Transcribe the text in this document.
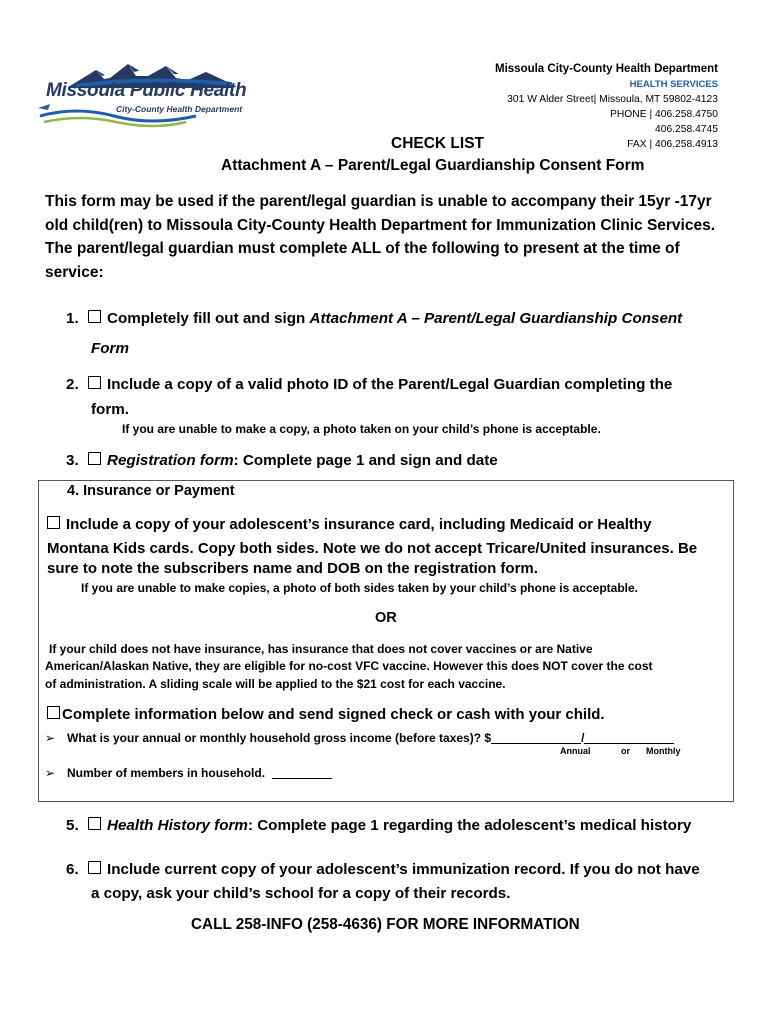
Missoula Public Health
City-County Health Department
Missoula City-County Health Department
HEALTH SERVICES
301 W Alder Street| Missoula, MT 59802-4123
PHONE | 406.258.4750
406.258.4745
FAX | 406.258.4913
CHECK LIST
Attachment A – Parent/Legal Guardianship Consent Form
This form may be used if the parent/legal guardian is unable to accompany their 15yr -17yr old child(ren) to Missoula City-County Health Department for Immunization Clinic Services. The parent/legal guardian must complete ALL of the following to present at the time of service:
1. Completely fill out and sign Attachment A – Parent/Legal Guardianship Consent
Form
2. Include a copy of a valid photo ID of the Parent/Legal Guardian completing the
form.
If you are unable to make a copy, a photo taken on your child’s phone is acceptable.
3. Registration form: Complete page 1 and sign and date
4. Insurance or Payment
Include a copy of your adolescent’s insurance card, including Medicaid or Healthy
Montana Kids cards. Copy both sides. Note we do not accept Tricare/United insurances. Be
sure to note the subscribers name and DOB on the registration form.
If you are unable to make copies, a photo of both sides taken by your child’s phone is acceptable.
OR
If your child does not have insurance, has insurance that does not cover vaccines or are Native
American/Alaskan Native, they are eligible for no-cost VFC vaccine. However this does NOT cover the cost
of administration. A sliding scale will be applied to the $21 cost for each vaccine.
Complete information below and send signed check or cash with your child.
➢ What is your annual or monthly household gross income (before taxes)? $	/
Annual	or Monthly
➢ Number of members in household.
5. Health History form: Complete page 1 regarding the adolescent’s medical history
6. Include current copy of your adolescent’s immunization record. If you do not have
a copy, ask your child’s school for a copy of their records.
CALL 258-INFO (258-4636) FOR MORE INFORMATION
